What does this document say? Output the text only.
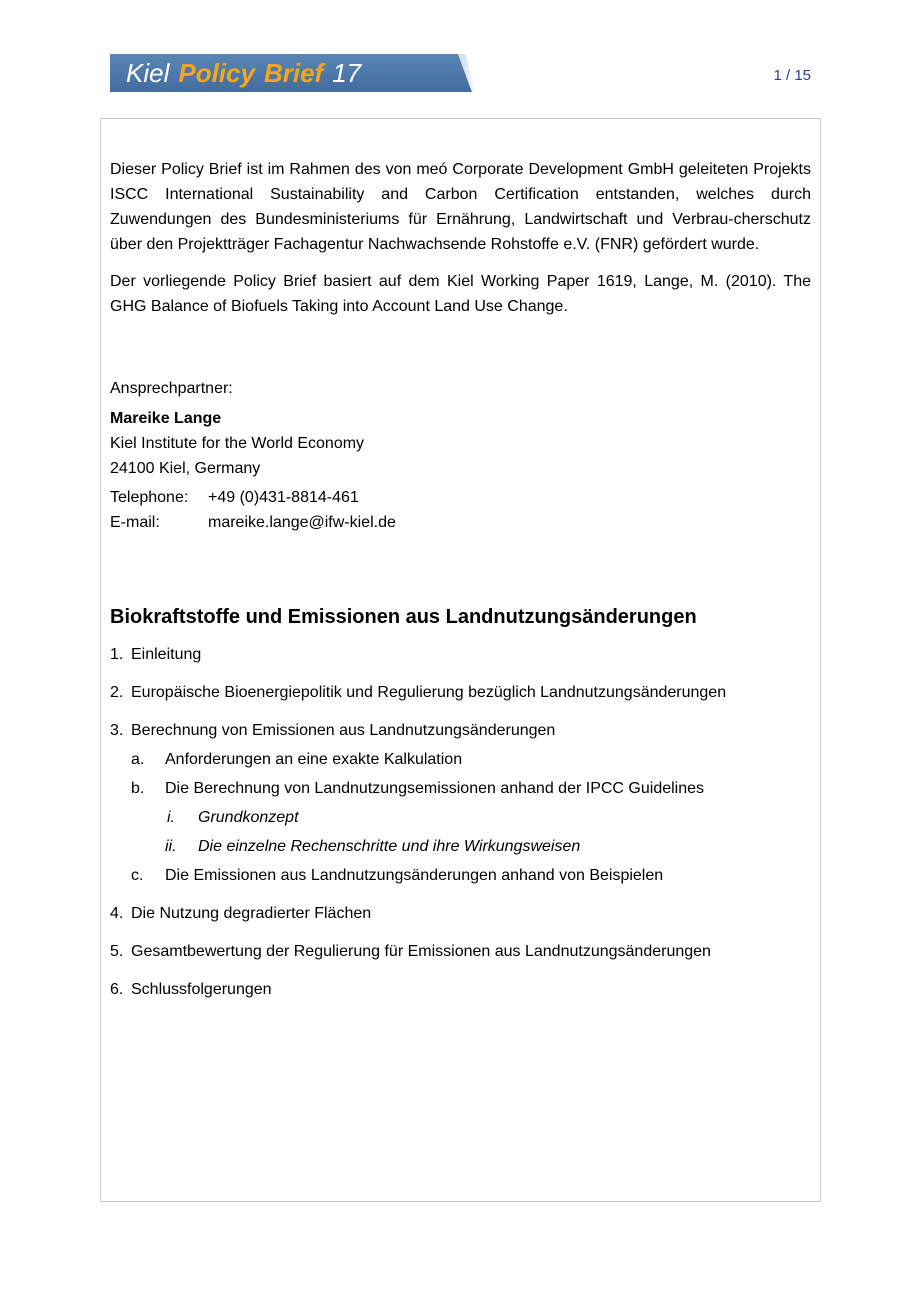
Kiel Policy Brief 17	1 / 15

Dieser Policy Brief ist im Rahmen des von meó Corporate Development GmbH geleiteten Projekts ISCC International Sustainability and Carbon Certification entstanden, welches durch Zuwendungen des Bundesministeriums für Ernährung, Landwirtschaft und Verbrau-cherschutz über den Projektträger Fachagentur Nachwachsende Rohstoffe e.V. (FNR) gefördert wurde.

Der vorliegende Policy Brief basiert auf dem Kiel Working Paper 1619, Lange, M. (2010). The GHG Balance of Biofuels Taking into Account Land Use Change.

Ansprechpartner:
Mareike Lange
Kiel Institute for the World Economy
24100 Kiel, Germany
Telephone:	+49 (0)431-8814-461
E-mail:	mareike.lange@ifw-kiel.de
Biokraftstoffe und Emissionen aus Landnutzungsänderungen
1. Einleitung
2. Europäische Bioenergiepolitik und Regulierung bezüglich Landnutzungsänderungen
3. Berechnung von Emissionen aus Landnutzungsänderungen
a.	Anforderungen an eine exakte Kalkulation
b.	Die Berechnung von Landnutzungsemissionen anhand der IPCC Guidelines
i.	Grundkonzept
ii.	Die einzelne Rechenschritte und ihre Wirkungsweisen
c.	Die Emissionen aus Landnutzungsänderungen anhand von Beispielen
4. Die Nutzung degradierter Flächen
5. Gesamtbewertung der Regulierung für Emissionen aus Landnutzungsänderungen
6. Schlussfolgerungen
